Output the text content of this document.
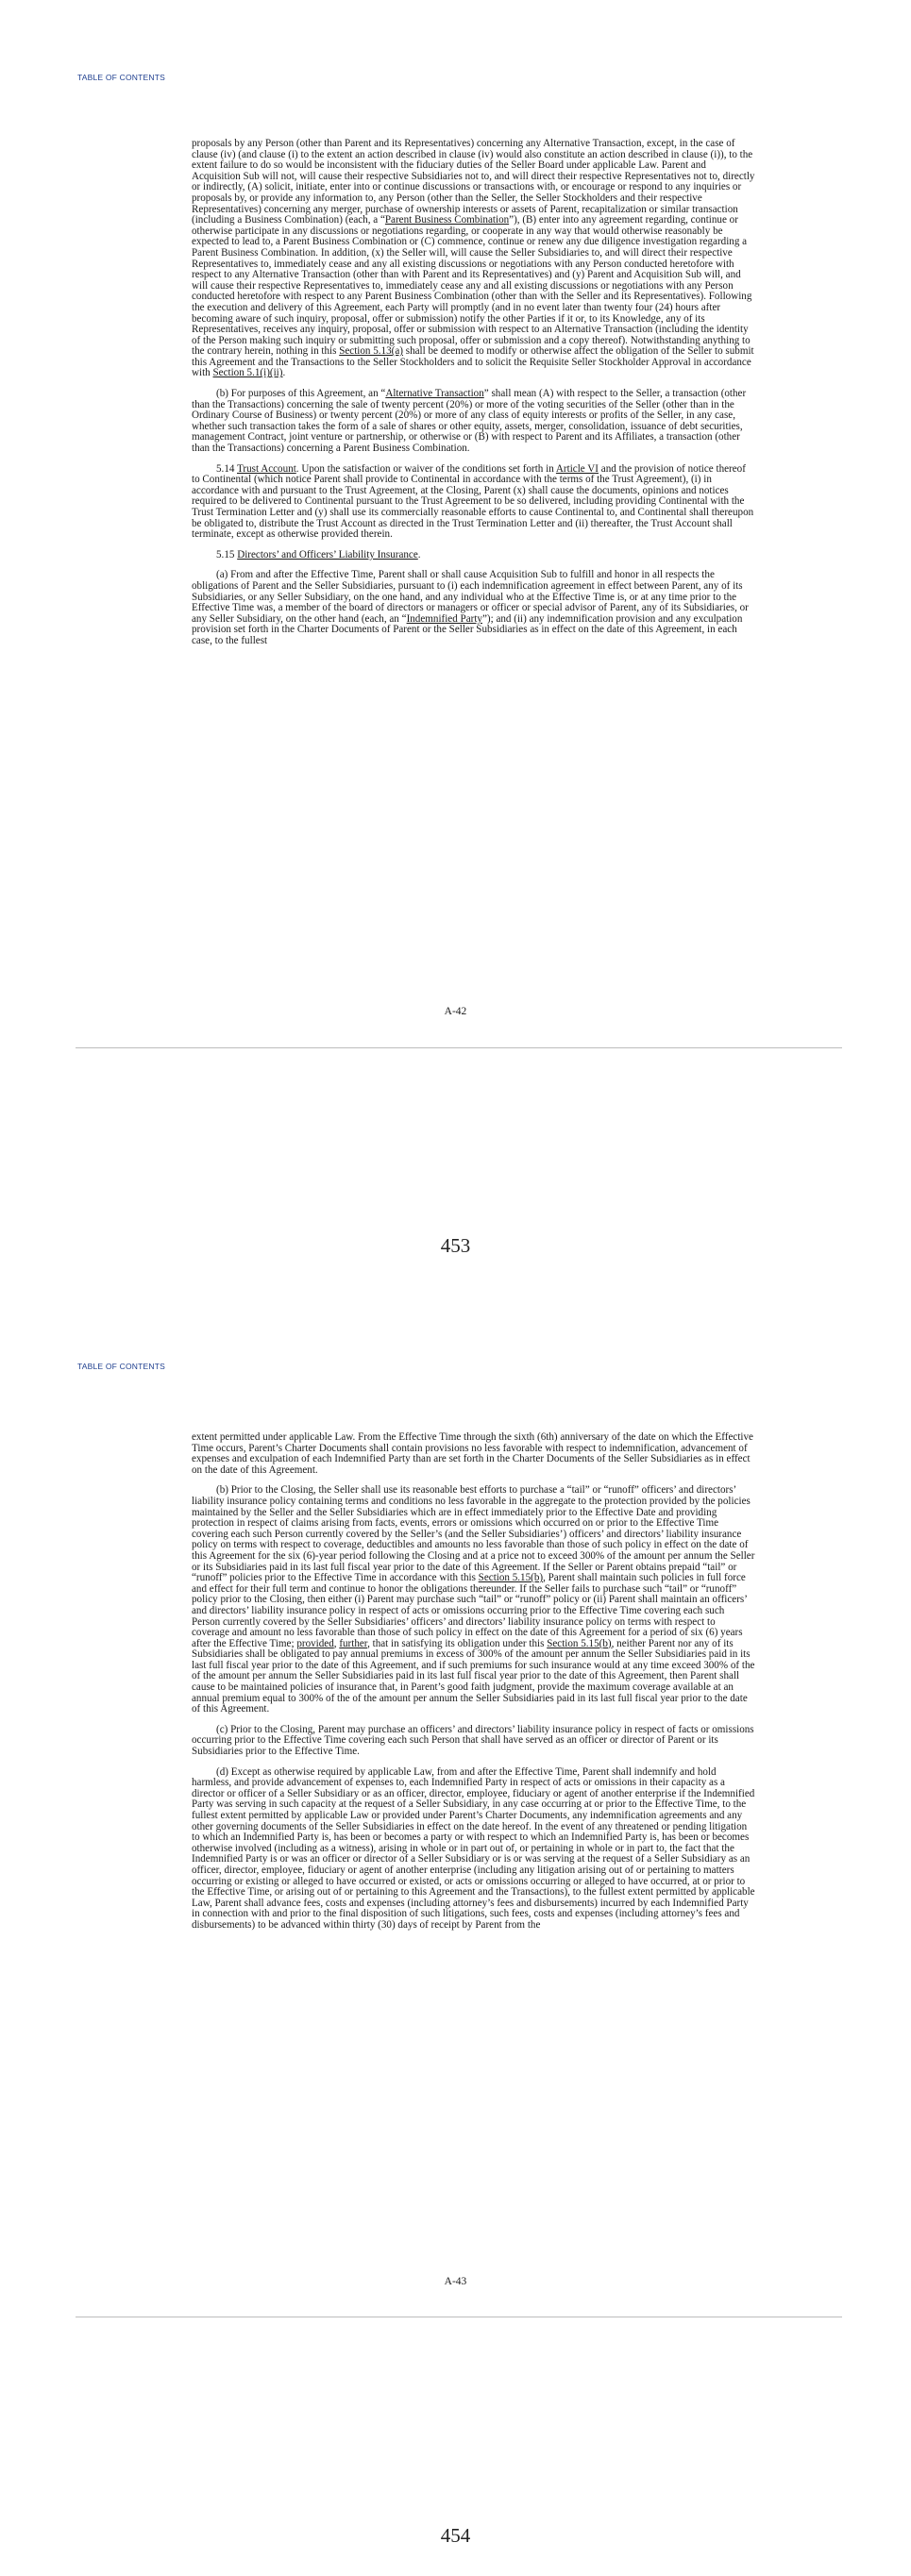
TABLE OF CONTENTS

proposals by any Person (other than Parent and its Representatives) concerning any Alternative Transaction, except, in the case of clause (iv) (and clause (i) to the extent an action described in clause (iv) would also constitute an action described in clause (i)), to the extent failure to do so would be inconsistent with the fiduciary duties of the Seller Board under applicable Law. Parent and Acquisition Sub will not, will cause their respective Subsidiaries not to, and will direct their respective Representatives not to, directly or indirectly, (A) solicit, initiate, enter into or continue discussions or transactions with, or encourage or respond to any inquiries or proposals by, or provide any information to, any Person (other than the Seller, the Seller Stockholders and their respective Representatives) concerning any merger, purchase of ownership interests or assets of Parent, recapitalization or similar transaction (including a Business Combination) (each, a “Parent Business Combination”), (B) enter into any agreement regarding, continue or otherwise participate in any discussions or negotiations regarding, or cooperate in any way that would otherwise reasonably be expected to lead to, a Parent Business Combination or (C) commence, continue or renew any due diligence investigation regarding a Parent Business Combination. In addition, (x) the Seller will, will cause the Seller Subsidiaries to, and will direct their respective Representatives to, immediately cease and any all existing discussions or negotiations with any Person conducted heretofore with respect to any Alternative Transaction (other than with Parent and its Representatives) and (y) Parent and Acquisition Sub will, and will cause their respective Representatives to, immediately cease any and all existing discussions or negotiations with any Person conducted heretofore with respect to any Parent Business Combination (other than with the Seller and its Representatives). Following the execution and delivery of this Agreement, each Party will promptly (and in no event later than twenty four (24) hours after becoming aware of such inquiry, proposal, offer or submission) notify the other Parties if it or, to its Knowledge, any of its Representatives, receives any inquiry, proposal, offer or submission with respect to an Alternative Transaction (including the identity of the Person making such inquiry or submitting such proposal, offer or submission and a copy thereof). Notwithstanding anything to the contrary herein, nothing in this Section 5.13(a) shall be deemed to modify or otherwise affect the obligation of the Seller to submit this Agreement and the Transactions to the Seller Stockholders and to solicit the Requisite Seller Stockholder Approval in accordance with Section 5.1(i)(ii).

(b) For purposes of this Agreement, an “Alternative Transaction” shall mean (A) with respect to the Seller, a transaction (other than the Transactions) concerning the sale of twenty percent (20%) or more of the voting securities of the Seller (other than in the Ordinary Course of Business) or twenty percent (20%) or more of any class of equity interests or profits of the Seller, in any case, whether such transaction takes the form of a sale of shares or other equity, assets, merger, consolidation, issuance of debt securities, management Contract, joint venture or partnership, or otherwise or (B) with respect to Parent and its Affiliates, a transaction (other than the Transactions) concerning a Parent Business Combination.

5.14 Trust Account. Upon the satisfaction or waiver of the conditions set forth in Article VI and the provision of notice thereof to Continental (which notice Parent shall provide to Continental in accordance with the terms of the Trust Agreement), (i) in accordance with and pursuant to the Trust Agreement, at the Closing, Parent (x) shall cause the documents, opinions and notices required to be delivered to Continental pursuant to the Trust Agreement to be so delivered, including providing Continental with the Trust Termination Letter and (y) shall use its commercially reasonable efforts to cause Continental to, and Continental shall thereupon be obligated to, distribute the Trust Account as directed in the Trust Termination Letter and (ii) thereafter, the Trust Account shall terminate, except as otherwise provided therein.

5.15 Directors’ and Officers’ Liability Insurance.

(a) From and after the Effective Time, Parent shall or shall cause Acquisition Sub to fulfill and honor in all respects the obligations of Parent and the Seller Subsidiaries, pursuant to (i) each indemnification agreement in effect between Parent, any of its Subsidiaries, or any Seller Subsidiary, on the one hand, and any individual who at the Effective Time is, or at any time prior to the Effective Time was, a member of the board of directors or managers or officer or special advisor of Parent, any of its Subsidiaries, or any Seller Subsidiary, on the other hand (each, an “Indemnified Party”); and (ii) any indemnification provision and any exculpation provision set forth in the Charter Documents of Parent or the Seller Subsidiaries as in effect on the date of this Agreement, in each case, to the fullest

A-42
453
TABLE OF CONTENTS

extent permitted under applicable Law. From the Effective Time through the sixth (6th) anniversary of the date on which the Effective Time occurs, Parent’s Charter Documents shall contain provisions no less favorable with respect to indemnification, advancement of expenses and exculpation of each Indemnified Party than are set forth in the Charter Documents of the Seller Subsidiaries as in effect on the date of this Agreement.

(b) Prior to the Closing, the Seller shall use its reasonable best efforts to purchase a “tail” or “runoff” officers’ and directors’ liability insurance policy containing terms and conditions no less favorable in the aggregate to the protection provided by the policies maintained by the Seller and the Seller Subsidiaries which are in effect immediately prior to the Effective Date and providing protection in respect of claims arising from facts, events, errors or omissions which occurred on or prior to the Effective Time covering each such Person currently covered by the Seller’s (and the Seller Subsidiaries’) officers’ and directors’ liability insurance policy on terms with respect to coverage, deductibles and amounts no less favorable than those of such policy in effect on the date of this Agreement for the six (6)-year period following the Closing and at a price not to exceed 300% of the amount per annum the Seller or its Subsidiaries paid in its last full fiscal year prior to the date of this Agreement. If the Seller or Parent obtains prepaid “tail” or “runoff” policies prior to the Effective Time in accordance with this Section 5.15(b), Parent shall maintain such policies in full force and effect for their full term and continue to honor the obligations thereunder. If the Seller fails to purchase such “tail” or “runoff” policy prior to the Closing, then either (i) Parent may purchase such “tail” or “runoff” policy or (ii) Parent shall maintain an officers’ and directors’ liability insurance policy in respect of acts or omissions occurring prior to the Effective Time covering each such Person currently covered by the Seller Subsidiaries’ officers’ and directors’ liability insurance policy on terms with respect to coverage and amount no less favorable than those of such policy in effect on the date of this Agreement for a period of six (6) years after the Effective Time; provided, further, that in satisfying its obligation under this Section 5.15(b), neither Parent nor any of its Subsidiaries shall be obligated to pay annual premiums in excess of 300% of the amount per annum the Seller Subsidiaries paid in its last full fiscal year prior to the date of this Agreement, and if such premiums for such insurance would at any time exceed 300% of the of the amount per annum the Seller Subsidiaries paid in its last full fiscal year prior to the date of this Agreement, then Parent shall cause to be maintained policies of insurance that, in Parent’s good faith judgment, provide the maximum coverage available at an annual premium equal to 300% of the of the amount per annum the Seller Subsidiaries paid in its last full fiscal year prior to the date of this Agreement.

(c) Prior to the Closing, Parent may purchase an officers’ and directors’ liability insurance policy in respect of facts or omissions occurring prior to the Effective Time covering each such Person that shall have served as an officer or director of Parent or its Subsidiaries prior to the Effective Time.

(d) Except as otherwise required by applicable Law, from and after the Effective Time, Parent shall indemnify and hold harmless, and provide advancement of expenses to, each Indemnified Party in respect of acts or omissions in their capacity as a director or officer of a Seller Subsidiary or as an officer, director, employee, fiduciary or agent of another enterprise if the Indemnified Party was serving in such capacity at the request of a Seller Subsidiary, in any case occurring at or prior to the Effective Time, to the fullest extent permitted by applicable Law or provided under Parent’s Charter Documents, any indemnification agreements and any other governing documents of the Seller Subsidiaries in effect on the date hereof. In the event of any threatened or pending litigation to which an Indemnified Party is, has been or becomes a party or with respect to which an Indemnified Party is, has been or becomes otherwise involved (including as a witness), arising in whole or in part out of, or pertaining in whole or in part to, the fact that the Indemnified Party is or was an officer or director of a Seller Subsidiary or is or was serving at the request of a Seller Subsidiary as an officer, director, employee, fiduciary or agent of another enterprise (including any litigation arising out of or pertaining to matters occurring or existing or alleged to have occurred or existed, or acts or omissions occurring or alleged to have occurred, at or prior to the Effective Time, or arising out of or pertaining to this Agreement and the Transactions), to the fullest extent permitted by applicable Law, Parent shall advance fees, costs and expenses (including attorney’s fees and disbursements) incurred by each Indemnified Party in connection with and prior to the final disposition of such litigations, such fees, costs and expenses (including attorney’s fees and disbursements) to be advanced within thirty (30) days of receipt by Parent from the

A-43
454
